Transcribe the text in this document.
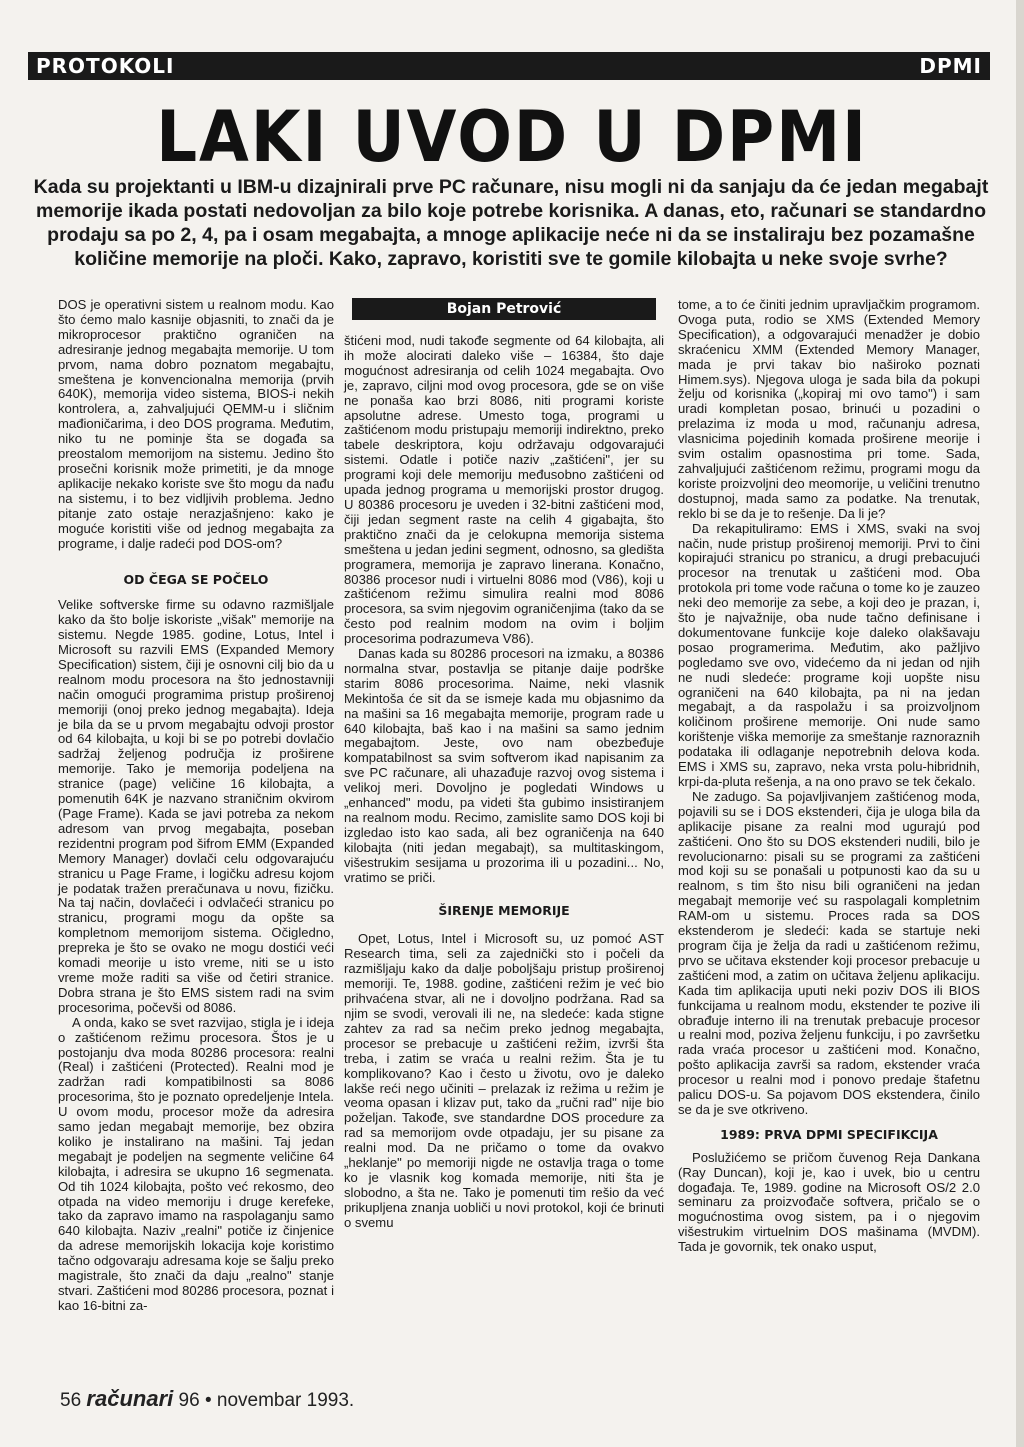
PROTOKOLI	DPMI
LAKI UVOD U DPMI
Kada su projektanti u IBM-u dizajnirali prve PC računare, nisu mogli ni da sanjaju da će jedan megabajt memorije ikada postati nedovoljan za bilo koje potrebe korisnika. A danas, eto, računari se standardno prodaju sa po 2, 4, pa i osam megabajta, a mnoge aplikacije neće ni da se instaliraju bez pozamašne količine memorije na ploči. Kako, zapravo, koristiti sve te gomile kilobajta u neke svoje svrhe?

DOS je operativni sistem u realnom modu. Kao što ćemo malo kasnije objasniti, to znači da je mikroprocesor praktično ograničen na adresiranje jednog megabajta memorije. U tom prvom, nama dobro poznatom megabajtu, smeštena je konvencionalna memorija (prvih 640K), memorija video sistema, BIOS-i nekih kontrolera, a, zahvaljujući QEMM-u i sličnim mađioničarima, i deo DOS programa. Međutim, niko tu ne pominje šta se događa sa preostalom memorijom na sistemu. Jedino što prosečni korisnik može primetiti, je da mnoge aplikacije nekako koriste sve što mogu da nađu na sistemu, i to bez vidljivih problema. Jedno pitanje zato ostaje nerazjašnjeno: kako je moguće koristiti više od jednog megabajta za programe, i dalje radeći pod DOS-om?

OD ČEGA SE POČELO

Velike softverske firme su odavno razmišljale kako da što bolje iskoriste „višak" memorije na sistemu. Negde 1985. godine, Lotus, Intel i Microsoft su razvili EMS (Expanded Memory Specification) sistem, čiji je osnovni cilj bio da u realnom modu procesora na što jednostavniji način omogući programima pristup proširenoj memoriji (onoj preko jednog megabajta). Ideja je bila da se u prvom megabajtu odvoji prostor od 64 kilobajta, u koji bi se po potrebi dovlačio sadržaj željenog područja iz proširene memorije. Tako je memorija podeljena na stranice (page) veličine 16 kilobajta, a pomenutih 64K je nazvano straničnim okvirom (Page Frame). Kada se javi potreba za nekom adresom van prvog megabajta, poseban rezidentni program pod šifrom EMM (Expanded Memory Manager) dovlači celu odgovarajuću stranicu u Page Frame, i logičku adresu kojom je podatak tražen preračunava u novu, fizičku. Na taj način, dovlačeći i odvlačeći stranicu po stranicu, programi mogu da opšte sa kompletnom memorijom sistema. Očigledno, prepreka je što se ovako ne mogu dostići veći komadi meorije u isto vreme, niti se u isto vreme može raditi sa više od četiri stranice. Dobra strana je što EMS sistem radi na svim procesorima, počevši od 8086.

A onda, kako se svet razvijao, stigla je i ideja o zaštićenom režimu procesora. Štos je u postojanju dva moda 80286 procesora: realni (Real) i zaštićeni (Protected). Realni mod je zadržan radi kompatibilnosti sa 8086 procesorima, što je poznato opredeljenje Intela. U ovom modu, procesor može da adresira samo jedan megabajt memorije, bez obzira koliko je instalirano na mašini. Taj jedan megabajt je podeljen na segmente veličine 64 kilobajta, i adresira se ukupno 16 segmenata. Od tih 1024 kilobajta, pošto već rekosmo, deo otpada na video memoriju i druge kerefeke, tako da zapravo imamo na raspolaganju samo 640 kilobajta. Naziv „realni" potiče iz činjenice da adrese memorijskih lokacija koje koristimo tačno odgovaraju adresama koje se šalju preko magistrale, što znači da daju „realno" stanje stvari. Zaštićeni mod 80286 procesora, poznat i kao 16-bitni za-

Bojan Petrović

štićeni mod, nudi takođe segmente od 64 kilobajta, ali ih može alocirati daleko više – 16384, što daje mogućnost adresiranja od celih 1024 megabajta. Ovo je, zapravo, ciljni mod ovog procesora, gde se on više ne ponaša kao brzi 8086, niti programi koriste apsolutne adrese. Umesto toga, programi u zaštićenom modu pristupaju memoriji indirektno, preko tabele deskriptora, koju održavaju odgovarajući sistemi. Odatle i potiče naziv „zaštićeni", jer su programi koji dele memoriju međusobno zaštićeni od upada jednog programa u memorijski prostor drugog. U 80386 procesoru je uveden i 32-bitni zaštićeni mod, čiji jedan segment raste na celih 4 gigabajta, što praktično znači da je celokupna memorija sistema smeštena u jedan jedini segment, odnosno, sa gledišta programera, memorija je zapravo linerana. Konačno, 80386 procesor nudi i virtuelni 8086 mod (V86), koji u zaštićenom režimu simulira realni mod 8086 procesora, sa svim njegovim ograničenjima (tako da se često pod realnim modom na ovim i boljim procesorima podrazumeva V86).

Danas kada su 80286 procesori na izmaku, a 80386 normalna stvar, postavlja se pitanje daije podrške starim 8086 procesorima. Naime, neki vlasnik Mekintoša će sit da se ismeje kada mu objasnimo da na mašini sa 16 megabajta memorije, program rade u 640 kilobajta, baš kao i na mašini sa samo jednim megabajtom. Jeste, ovo nam obezbeđuje kompatabilnost sa svim softverom ikad napisanim za sve PC računare, ali uhazađuje razvoj ovog sistema i velikoj meri. Dovoljno je pogledati Windows u „enhanced" modu, pa videti šta gubimo insistiranjem na realnom modu. Recimo, zamislite samo DOS koji bi izgledao isto kao sada, ali bez ograničenja na 640 kilobajta (niti jedan megabajt), sa multitaskingom, višestrukim sesijama u prozorima ili u pozadini... No, vratimo se priči.

ŠIRENJE MEMORIJE

Opet, Lotus, Intel i Microsoft su, uz pomoć AST Research tima, seli za zajednički sto i počeli da razmišljaju kako da dalje poboljšaju pristup proširenoj memoriji. Te, 1988. godine, zaštićeni režim je već bio prihvaćena stvar, ali ne i dovoljno podržana. Rad sa njim se svodi, verovali ili ne, na sledeće: kada stigne zahtev za rad sa nečim preko jednog megabajta, procesor se prebacuje u zaštićeni režim, izvrši šta treba, i zatim se vraća u realni režim. Šta je tu komplikovano? Kao i često u životu, ovo je daleko lakše reći nego učiniti – prelazak iz režima u režim je veoma opasan i klizav put, tako da „ručni rad" nije bio poželjan. Takođe, sve standardne DOS procedure za rad sa memorijom ovde otpadaju, jer su pisane za realni mod. Da ne pričamo o tome da ovakvo „heklanje" po memoriji nigde ne ostavlja traga o tome ko je vlasnik kog komada memorije, niti šta je slobodno, a šta ne. Tako je pomenuti tim rešio da već prikupljena znanja uobliči u novi protokol, koji će brinuti o svemu

tome, a to će činiti jednim upravljačkim programom. Ovoga puta, rodio se XMS (Extended Memory Specification), a odgovarajući menadžer je dobio skraćenicu XMM (Extended Memory Manager, mada je prvi takav bio naširoko poznati Himem.sys). Njegova uloga je sada bila da pokupi želju od korisnika („kopiraj mi ovo tamo") i sam uradi kompletan posao, brinući u pozadini o prelazima iz moda u mod, računanju adresa, vlasnicima pojedinih komada proširene meorije i svim ostalim opasnostima pri tome. Sada, zahvaljujući zaštićenom režimu, programi mogu da koriste proizvoljni deo meomorije, u veličini trenutno dostupnoj, mada samo za podatke. Na trenutak, reklo bi se da je to rešenje. Da li je?

Da rekapituliramo: EMS i XMS, svaki na svoj način, nude pristup proširenoj memoriji. Prvi to čini kopirajući stranicu po stranicu, a drugi prebacujući procesor na trenutak u zaštićeni mod. Oba protokola pri tome vode računa o tome ko je zauzeo neki deo memorije za sebe, a koji deo je prazan, i, što je najvažnije, oba nude tačno definisane i dokumentovane funkcije koje daleko olakšavaju posao programerima. Međutim, ako pažljivo pogledamo sve ovo, videćemo da ni jedan od njih ne nudi sledeće: programe koji uopšte nisu ograničeni na 640 kilobajta, pa ni na jedan megabajt, a da raspolažu i sa proizvoljnom količinom proširene memorije. Oni nude samo korištenje viška memorije za smeštanje raznoraznih podataka ili odlaganje nepotrebnih delova koda. EMS i XMS su, zapravo, neka vrsta polu-hibridnih, krpi-da-pluta rešenja, a na ono pravo se tek čekalo.

Ne zadugo. Sa pojavljivanjem zaštićenog moda, pojavili su se i DOS ekstenderi, čija je uloga bila da aplikacije pisane za realni mod ugurajú pod zaštićeni. Ono što su DOS ekstenderi nudili, bilo je revolucionarno: pisali su se programi za zaštićeni mod koji su se ponašali u potpunosti kao da su u realnom, s tim što nisu bili ograničeni na jedan megabajt memorije već su raspolagali kompletnim RAM-om u sistemu. Proces rada sa DOS ekstenderom je sledeći: kada se startuje neki program čija je želja da radi u zaštićenom režimu, prvo se učitava ekstender koji procesor prebacuje u zaštićeni mod, a zatim on učitava željenu aplikaciju. Kada tim aplikacija uputi neki poziv DOS ili BIOS funkcijama u realnom modu, ekstender te pozive ili obrađuje interno ili na trenutak prebacuje procesor u realni mod, poziva željenu funkciju, i po završetku rada vraća procesor u zaštićeni mod. Konačno, pošto aplikacija završi sa radom, ekstender vraća procesor u realni mod i ponovo predaje štafetnu palicu DOS-u. Sa pojavom DOS ekstendera, činilo se da je sve otkriveno.

1989: PRVA DPMI SPECIFIKCIJA

Poslužićemo se pričom čuvenog Reja Dankana (Ray Duncan), koji je, kao i uvek, bio u centru događaja. Te, 1989. godine na Microsoft OS/2 2.0 seminaru za proizvođače softvera, pričalo se o mogućnostima ovog sistem, pa i o njegovim višestrukim virtuelnim DOS mašinama (MVDM). Tada je govornik, tek onako usput,

56 računari 96 • novembar 1993.
